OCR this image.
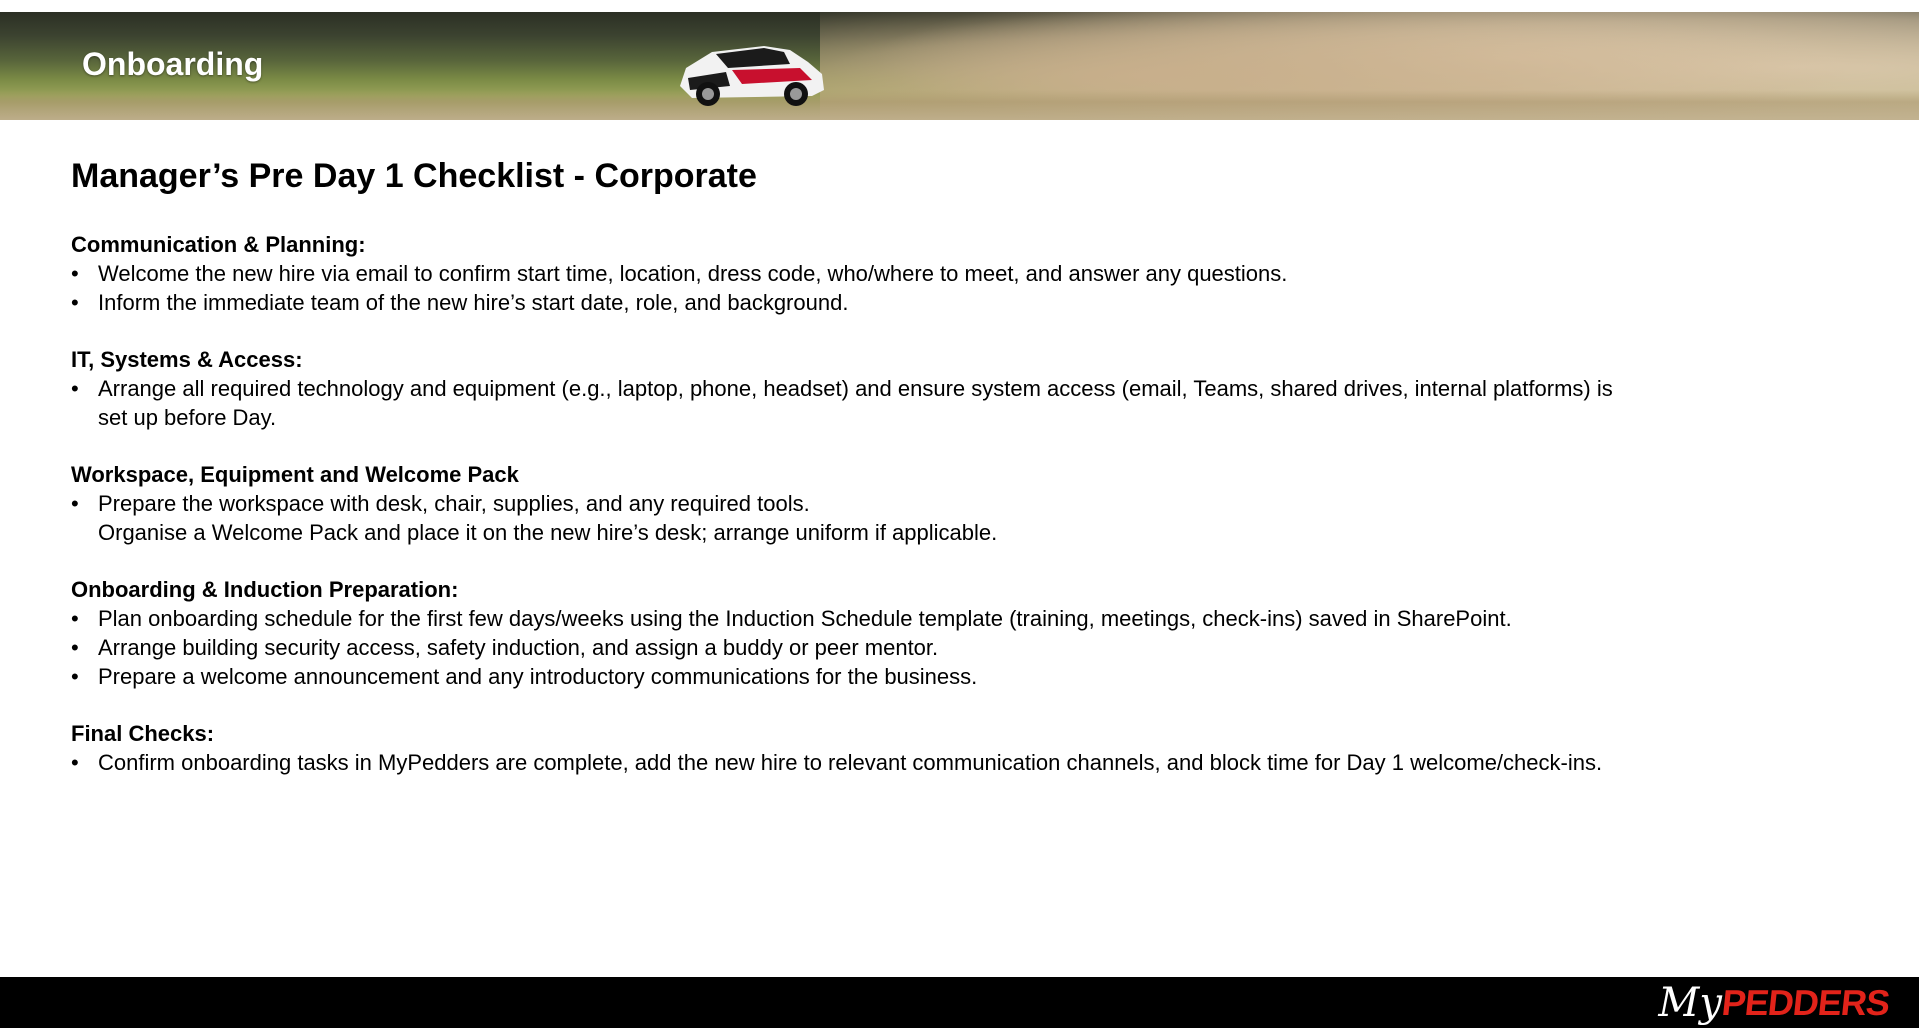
Onboarding
Manager’s Pre Day 1 Checklist - Corporate
Communication & Planning:
• Welcome the new hire via email to confirm start time, location, dress code, who/where to meet, and answer any questions.
• Inform the immediate team of the new hire’s start date, role, and background.
IT, Systems & Access:
• Arrange all required technology and equipment (e.g., laptop, phone, headset) and ensure system access (email, Teams, shared drives, internal platforms) is set up before Day.
Workspace, Equipment and Welcome Pack
• Prepare the workspace with desk, chair, supplies, and any required tools.
Organise a Welcome Pack and place it on the new hire’s desk; arrange uniform if applicable.
Onboarding & Induction Preparation:
• Plan onboarding schedule for the first few days/weeks using the Induction Schedule template (training, meetings, check-ins) saved in SharePoint.
• Arrange building security access, safety induction, and assign a buddy or peer mentor.
• Prepare a welcome announcement and any introductory communications for the business.
Final Checks:
• Confirm onboarding tasks in MyPedders are complete, add the new hire to relevant communication channels, and block time for Day 1 welcome/check-ins.
My
PEDDERS
